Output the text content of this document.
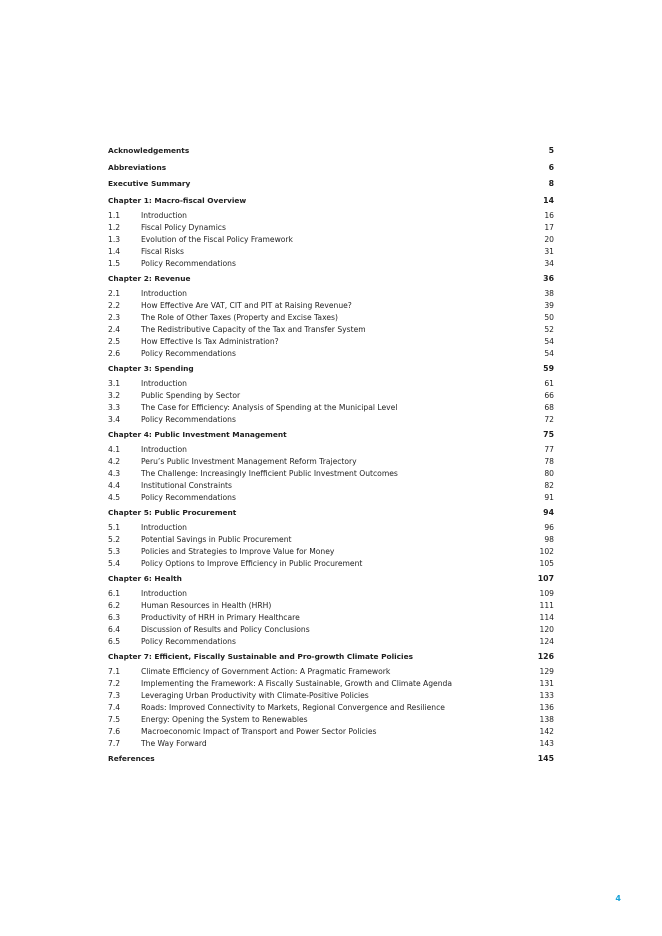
Acknowledgements	5
Abbreviations	6
Executive Summary	8
Chapter 1: Macro-fiscal Overview	14
1.1	Introduction	16
1.2	Fiscal Policy Dynamics	17
1.3	Evolution of the Fiscal Policy Framework	20
1.4	Fiscal Risks	31
1.5	Policy Recommendations	34
Chapter 2: Revenue	36
2.1	Introduction	38
2.2	How Effective Are VAT, CIT and PIT at Raising Revenue?	39
2.3	The Role of Other Taxes (Property and Excise Taxes)	50
2.4	The Redistributive Capacity of the Tax and Transfer System	52
2.5	How Effective Is Tax Administration?	54
2.6	Policy Recommendations	54
Chapter 3: Spending	59
3.1	Introduction	61
3.2	Public Spending by Sector	66
3.3	The Case for Efficiency: Analysis of Spending at the Municipal Level	68
3.4	Policy Recommendations	72
Chapter 4: Public Investment Management	75
4.1	Introduction	77
4.2	Peru’s Public Investment Management Reform Trajectory	78
4.3	The Challenge: Increasingly Inefficient Public Investment Outcomes	80
4.4	Institutional Constraints	82
4.5	Policy Recommendations	91
Chapter 5: Public Procurement	94
5.1	Introduction	96
5.2	Potential Savings in Public Procurement	98
5.3	Policies and Strategies to Improve Value for Money	102
5.4	Policy Options to Improve Efficiency in Public Procurement	105
Chapter 6: Health	107
6.1	Introduction	109
6.2	Human Resources in Health (HRH)	111
6.3	Productivity of HRH in Primary Healthcare	114
6.4	Discussion of Results and Policy Conclusions	120
6.5	Policy Recommendations	124
Chapter 7: Efficient, Fiscally Sustainable and Pro-growth Climate Policies	126
7.1	Climate Efficiency of Government Action: A Pragmatic Framework	129
7.2	Implementing the Framework: A Fiscally Sustainable, Growth and Climate Agenda	131
7.3	Leveraging Urban Productivity with Climate-Positive Policies	133
7.4	Roads: Improved Connectivity to Markets, Regional Convergence and Resilience	136
7.5	Energy: Opening the System to Renewables	138
7.6	Macroeconomic Impact of Transport and Power Sector Policies	142
7.7	The Way Forward	143
References	145
4
